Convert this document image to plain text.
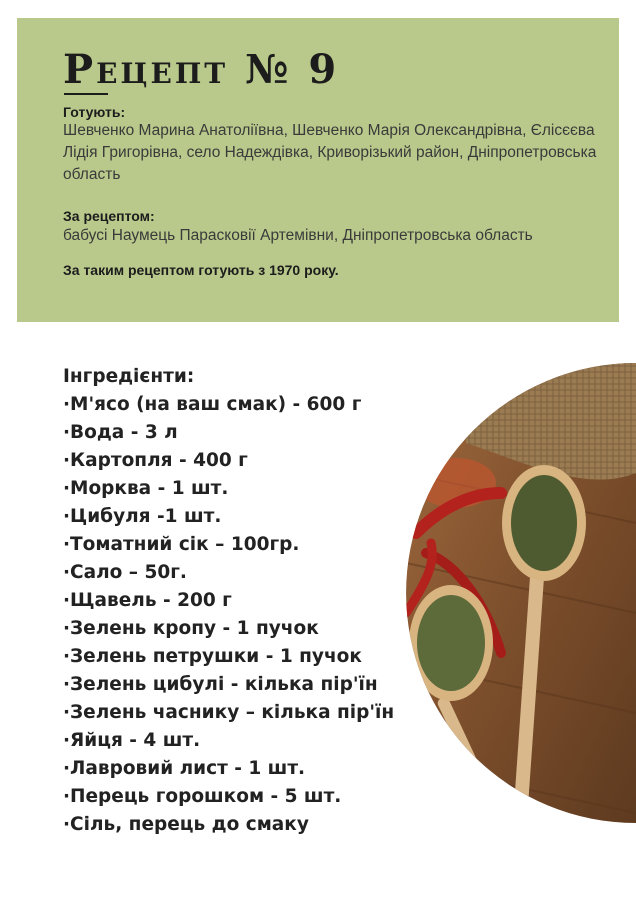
Рецепт № 9
Готують:
Шевченко Марина Анатоліївна, Шевченко Марія Олександрівна, Єлісєєва Лідія Григорівна, село Надеждівка, Криворізький район, Дніпропетровська область
За рецептом:
бабусі Наумець Парасковії Артемівни, Дніпропетровська область
За таким рецептом готують з 1970 року.
Інгредієнти:
·М'ясо (на ваш смак) - 600 г
·Вода - 3 л
·Картопля - 400 г
·Морква - 1 шт.
·Цибуля -1 шт.
·Томатний сік – 100гр.
·Сало – 50г.
·Щавель - 200 г
·Зелень кропу - 1 пучок
·Зелень петрушки - 1 пучок
·Зелень цибулі - кілька пір'їн
·Зелень часнику – кілька пір'їн
·Яйця - 4 шт.
·Лавровий лист - 1 шт.
·Перець горошком - 5 шт.
·Сіль, перець до смаку
